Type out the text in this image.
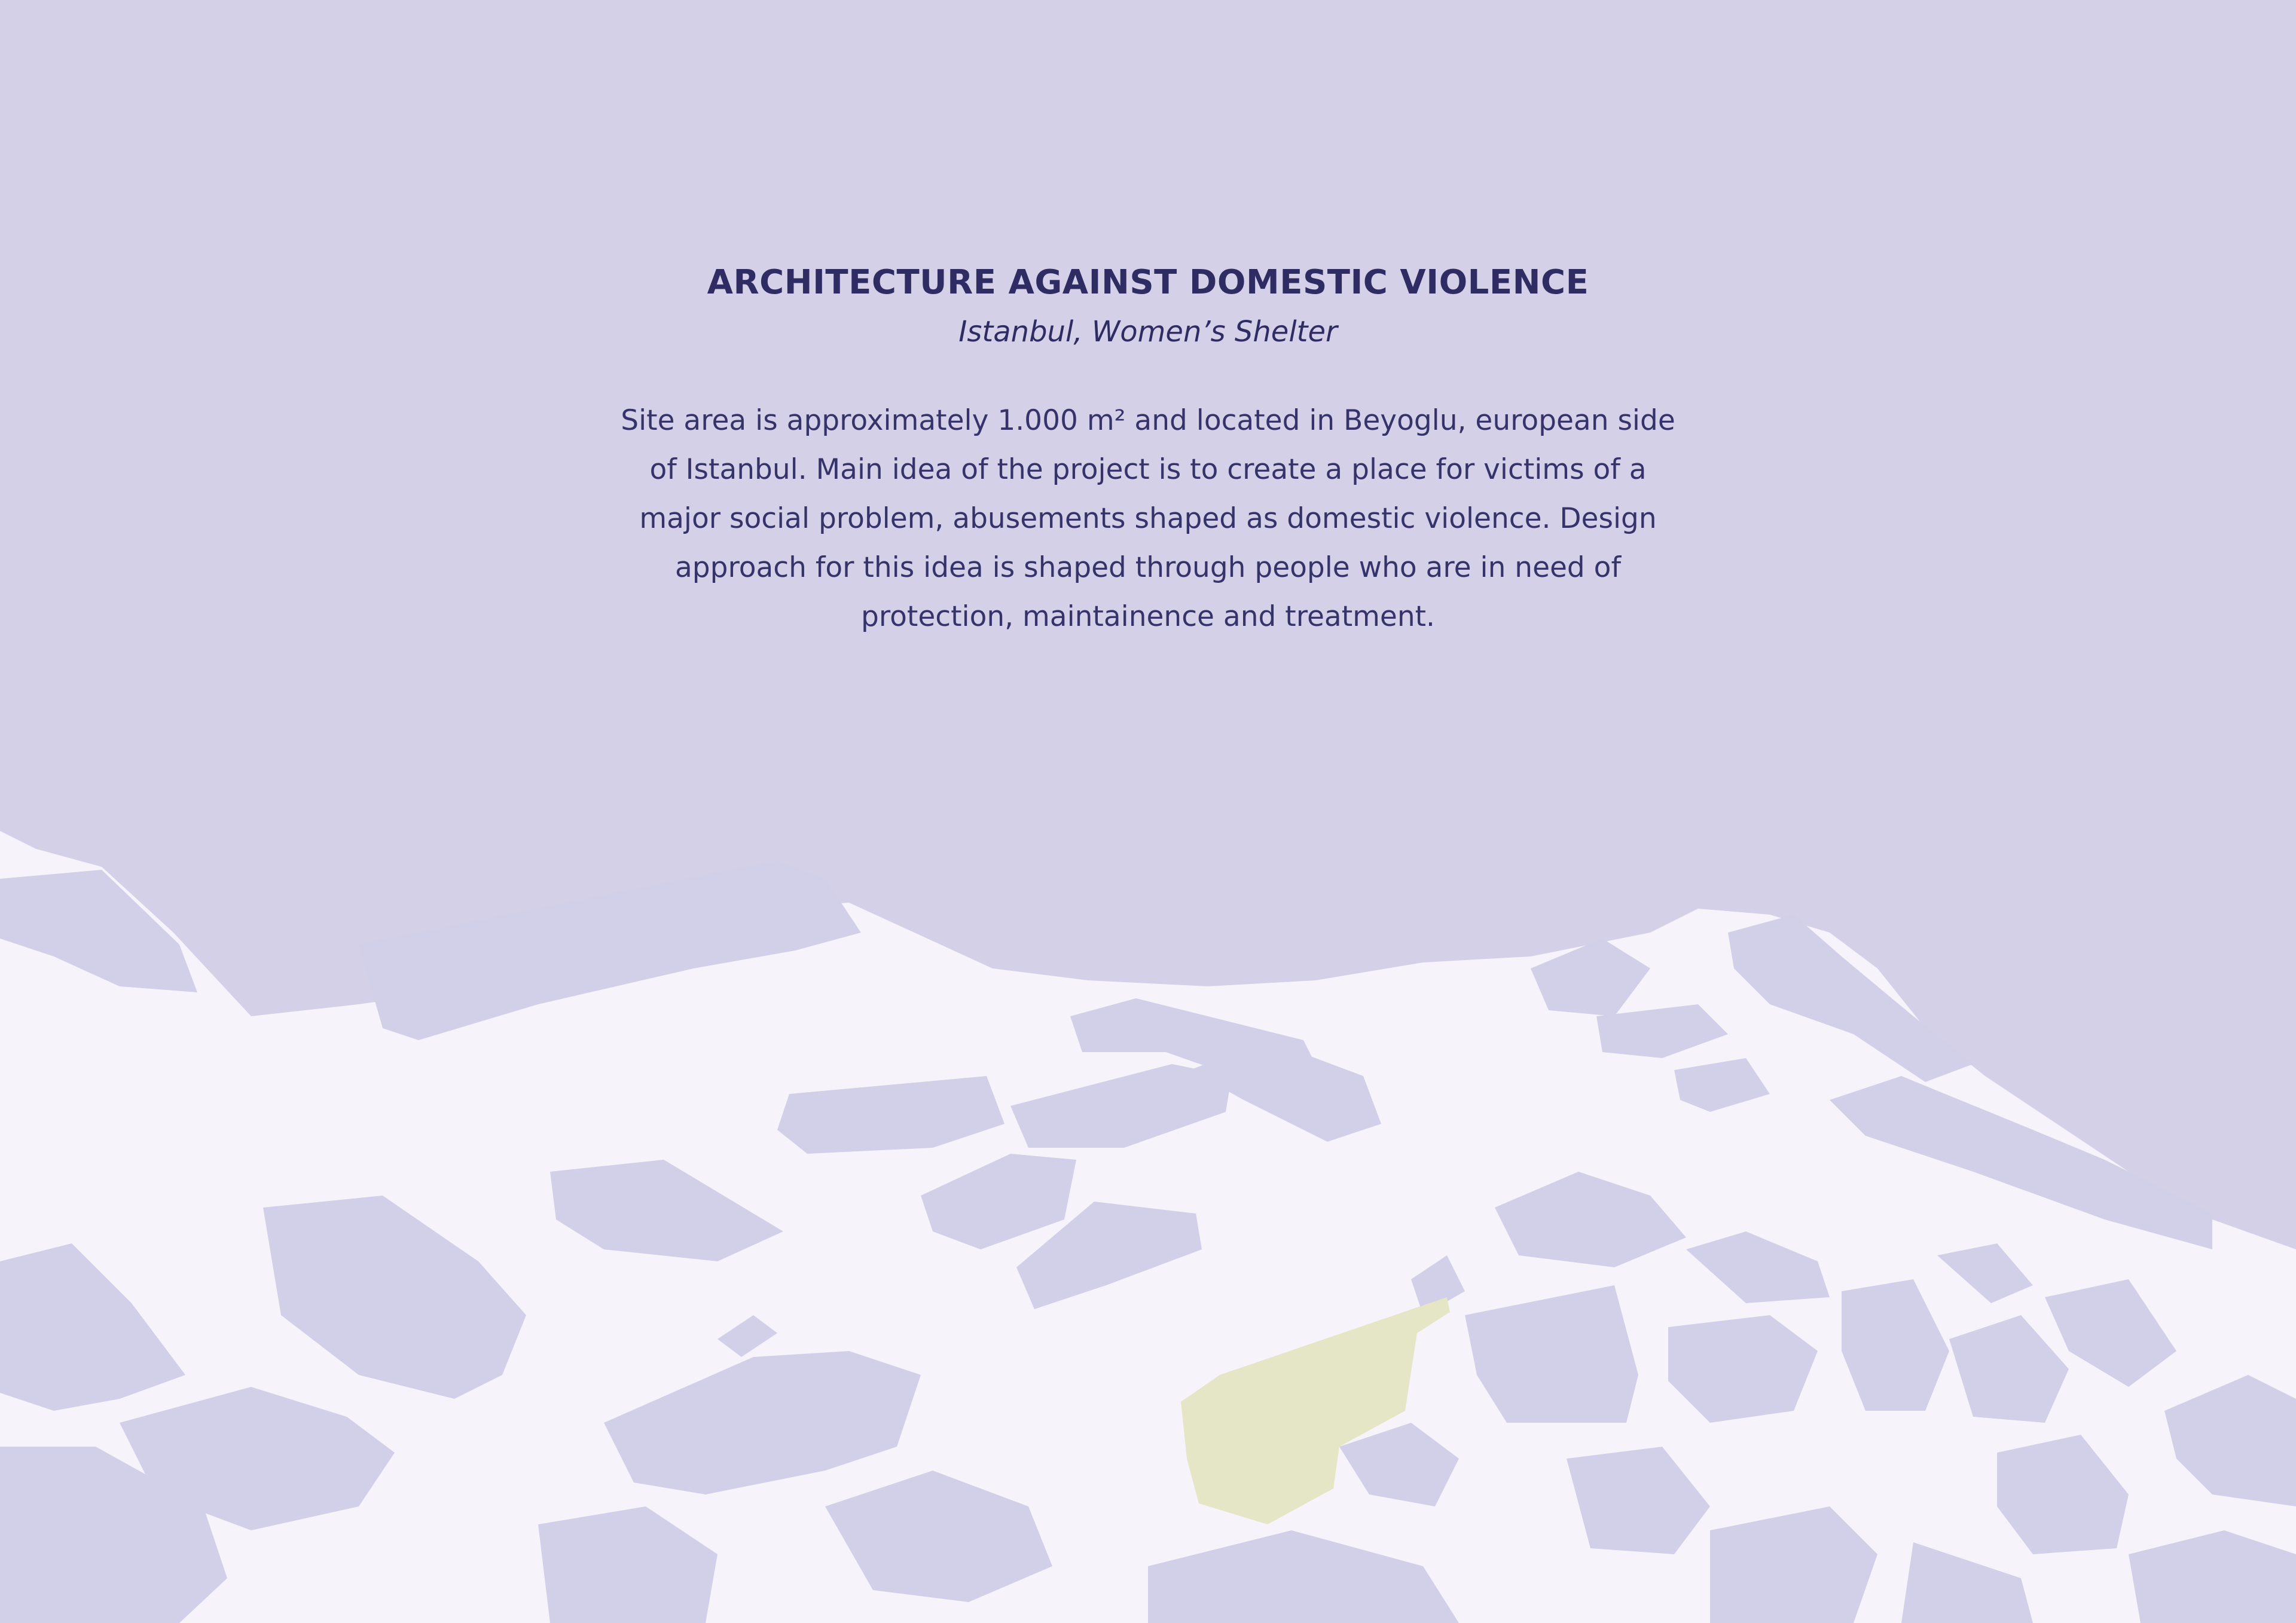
ARCHITECTURE AGAINST DOMESTIC VIOLENCE

Istanbul, Women’s Shelter

Site area is approximately 1.000 m² and located in Beyoglu, european side of Istanbul. Main idea of the project is to create a place for victims of a major social problem, abusements shaped as domestic violence. Design approach for this idea is shaped through people who are in need of protection, maintainence and treatment.
